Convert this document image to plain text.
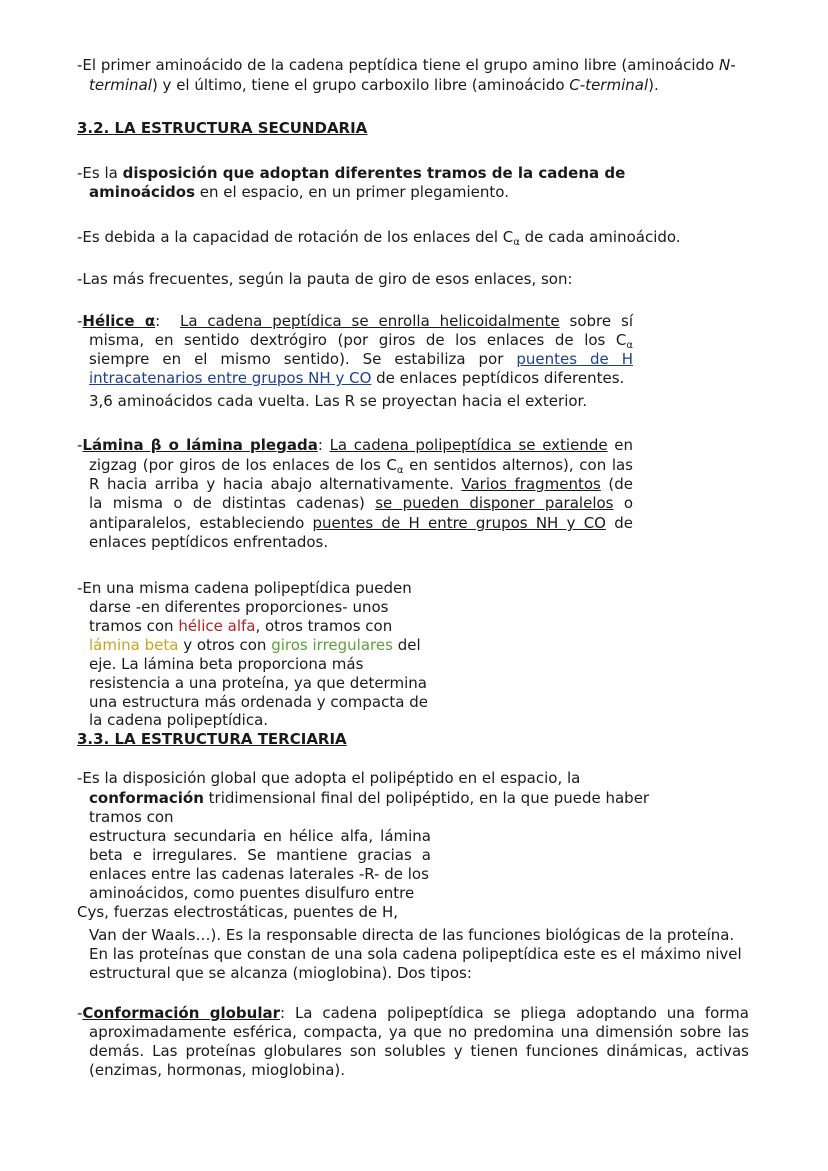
-El primer aminoácido de la cadena peptídica tiene el grupo amino libre (aminoácido N-
terminal) y el último, tiene el grupo carboxilo libre (aminoácido C-terminal).
3.2. LA ESTRUCTURA SECUNDARIA
-Es la disposición que adoptan diferentes tramos de la cadena de
aminoácidos en el espacio, en un primer plegamiento.
-Es debida a la capacidad de rotación de los enlaces del $C_\alpha$ de cada aminoácido.
-Las más frecuentes, según la pauta de giro de esos enlaces, son:
-Hélice α: La cadena peptídica se enrolla helicoidalmente sobre sí
misma, en sentido dextrógiro (por giros de los enlaces de los $C_\alpha$
siempre en el mismo sentido). Se estabiliza por puentes de H
intracatenarios entre grupos NH y CO de enlaces peptídicos diferentes.
3,6 aminoácidos cada vuelta. Las R se proyectan hacia el exterior.
-Lámina β o lámina plegada: La cadena polipeptídica se extiende en
zigzag (por giros de los enlaces de los $C_\alpha$ en sentidos alternos), con las
R hacia arriba y hacia abajo alternativamente. Varios fragmentos (de
la misma o de distintas cadenas) se pueden disponer paralelos o
antiparalelos, estableciendo puentes de H entre grupos NH y CO de
enlaces peptídicos enfrentados.
-En una misma cadena polipeptídica pueden
darse -en diferentes proporciones- unos
tramos con hélice alfa, otros tramos con
lámina beta y otros con giros irregulares del
eje. La lámina beta proporciona más
resistencia a una proteína, ya que determina
una estructura más ordenada y compacta de
la cadena polipeptídica.
3.3. LA ESTRUCTURA TERCIARIA
-Es la disposición global que adopta el polipéptido en el espacio, la
conformación tridimensional final del polipéptido, en la que puede haber
tramos con
estructura secundaria en hélice alfa, lámina
beta e irregulares. Se mantiene gracias a
enlaces entre las cadenas laterales -R- de los
aminoácidos, como puentes disulfuro entre
Cys, fuerzas electrostáticas, puentes de H,
Van der Waals…). Es la responsable directa de las funciones biológicas de la proteína.
En las proteínas que constan de una sola cadena polipeptídica este es el máximo nivel
estructural que se alcanza (mioglobina). Dos tipos:
-Conformación globular: La cadena polipeptídica se pliega adoptando una forma
aproximadamente esférica, compacta, ya que no predomina una dimensión sobre las
demás. Las proteínas globulares son solubles y tienen funciones dinámicas, activas
(enzimas, hormonas, mioglobina).
